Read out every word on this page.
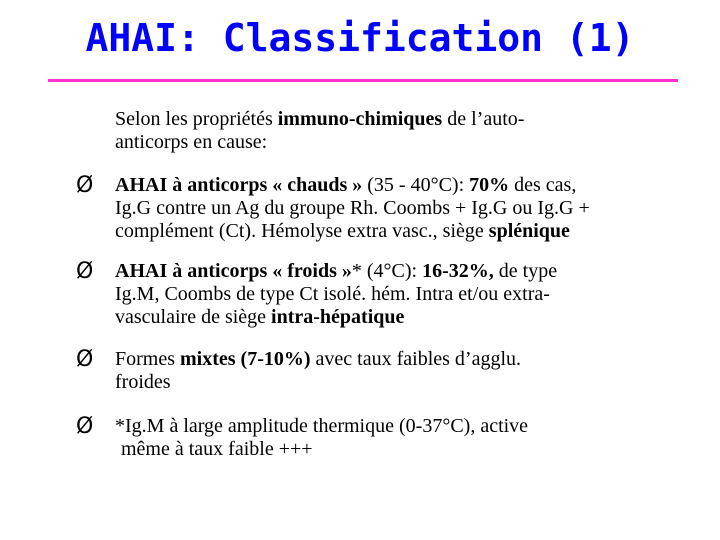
AHAI: Classification (1)
Selon les propriétés immuno-chimiques de l’auto-
anticorps en cause:
Ø AHAI à anticorps « chauds » (35 - 40°C): 70% des cas,
Ig.G contre un Ag du groupe Rh. Coombs + Ig.G ou Ig.G +
complément (Ct). Hémolyse extra vasc., siège splénique
Ø AHAI à anticorps « froids »* (4°C): 16-32%, de type
Ig.M, Coombs de type Ct isolé. hém. Intra et/ou extra-
vasculaire de siège intra-hépatique
Ø Formes mixtes (7-10%) avec taux faibles d’agglu.
froides
Ø *Ig.M à large amplitude thermique (0-37°C), active
même à taux faible +++
